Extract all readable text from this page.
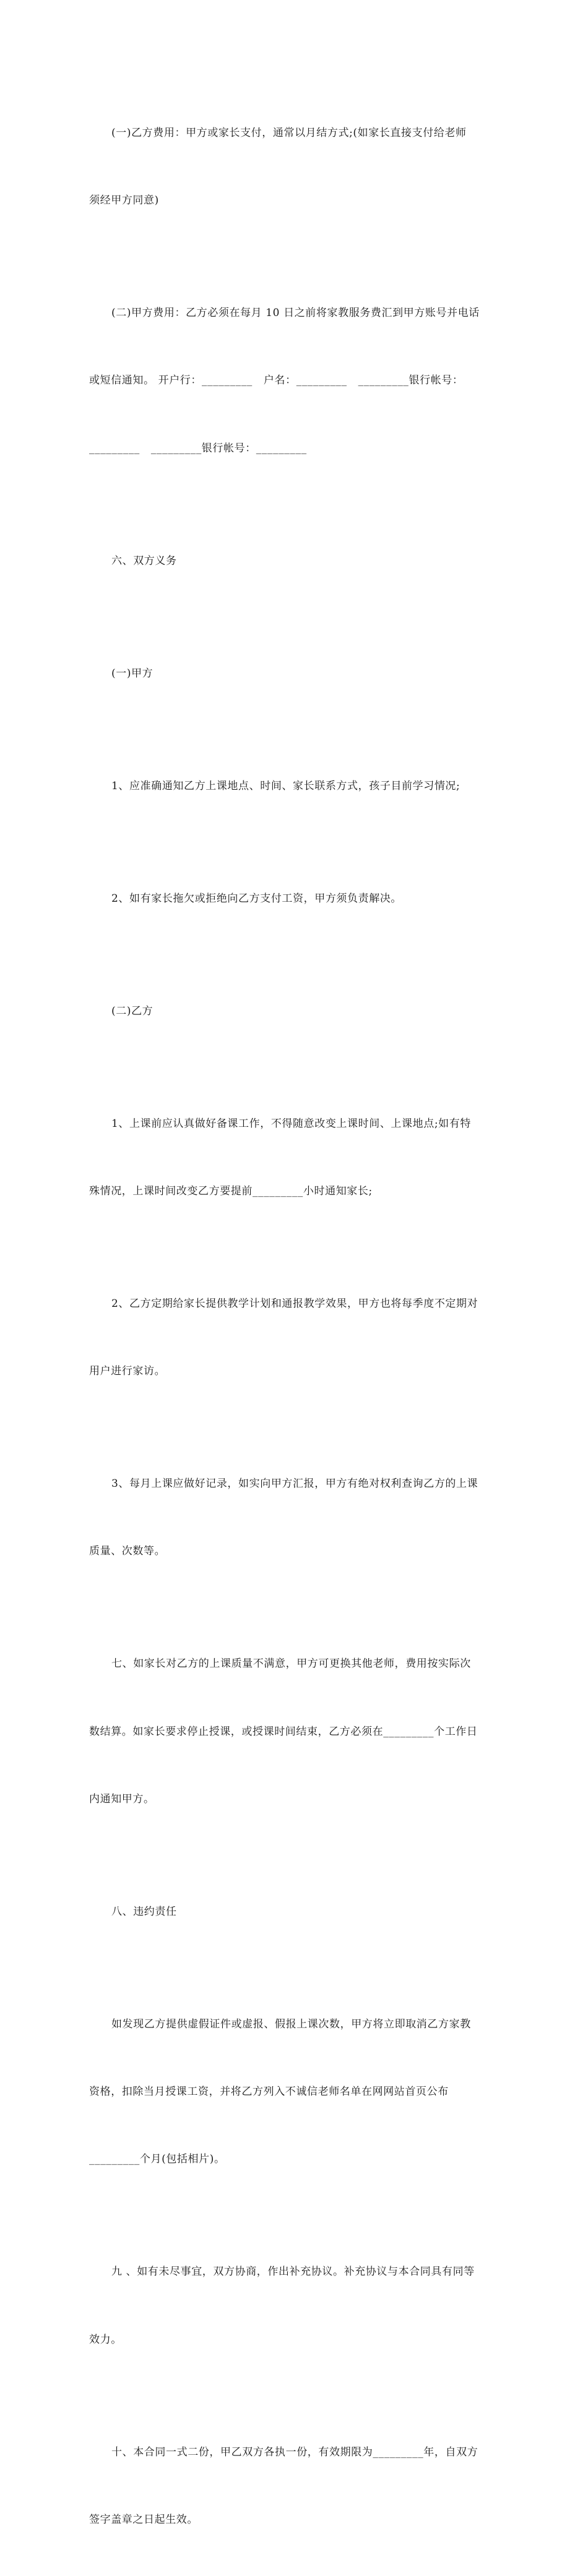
(一)乙方费用：甲方或家长支付，通常以月结方式;(如家长直接支付给老师

须经甲方同意)

(二)甲方费用：乙方必须在每月 10 日之前将家教服务费汇到甲方账号并电话

或短信通知。 开户行：_________   户名：_________   _________银行帐号：

_________   _________银行帐号：_________

六、双方义务

(一)甲方

1、应准确通知乙方上课地点、时间、家长联系方式，孩子目前学习情况;

2、如有家长拖欠或拒绝向乙方支付工资，甲方须负责解决。

(二)乙方

1、上课前应认真做好备课工作，不得随意改变上课时间、上课地点;如有特

殊情况，上课时间改变乙方要提前_________小时通知家长;

2、乙方定期给家长提供教学计划和通报教学效果，甲方也将每季度不定期对

用户进行家访。

3、每月上课应做好记录，如实向甲方汇报，甲方有绝对权利查询乙方的上课

质量、次数等。

七、如家长对乙方的上课质量不满意，甲方可更换其他老师，费用按实际次

数结算。如家长要求停止授课，或授课时间结束，乙方必须在_________个工作日

内通知甲方。

八、违约责任

如发现乙方提供虚假证件或虚报、假报上课次数，甲方将立即取消乙方家教

资格，扣除当月授课工资，并将乙方列入不诚信老师名单在网网站首页公布

_________个月(包括相片)。

九 、如有未尽事宜，双方协商，作出补充协议。补充协议与本合同具有同等

效力。

十、本合同一式二份，甲乙双方各执一份，有效期限为_________年，自双方

签字盖章之日起生效。
